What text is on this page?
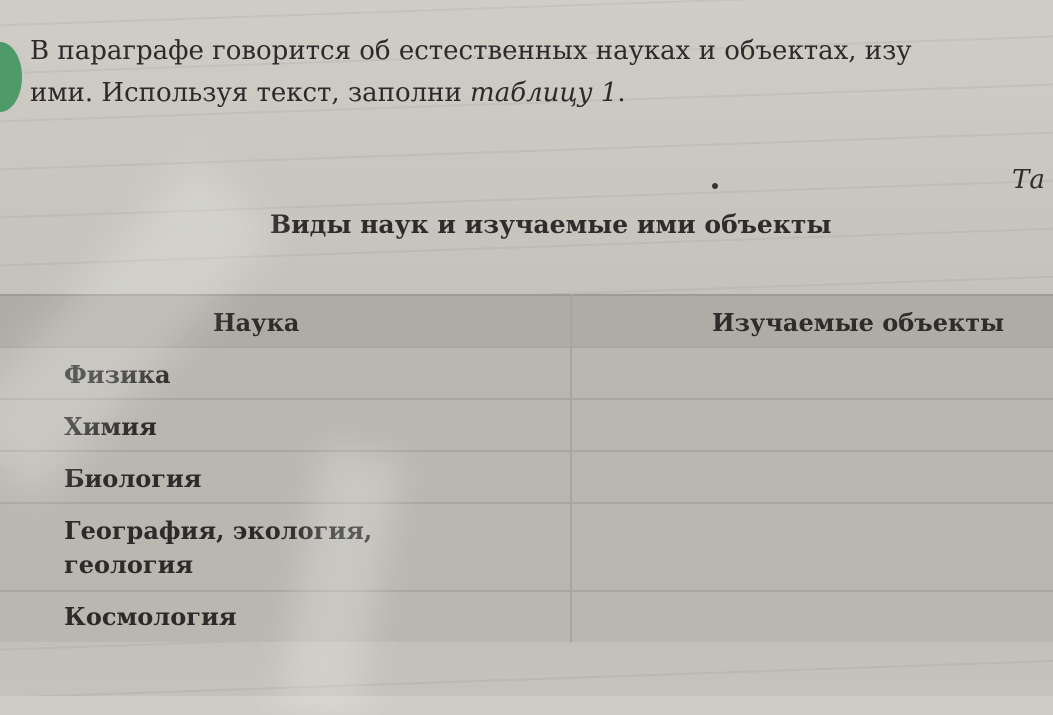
В параграфе говорится об естественных науках и объектах, изу
ими. Используя текст, заполни таблицу 1.
Та
Виды наук и изучаемые ими объекты
Наука	Изучаемые объекты
Физика
Химия
Биология
География, экология,
геология
Космология
